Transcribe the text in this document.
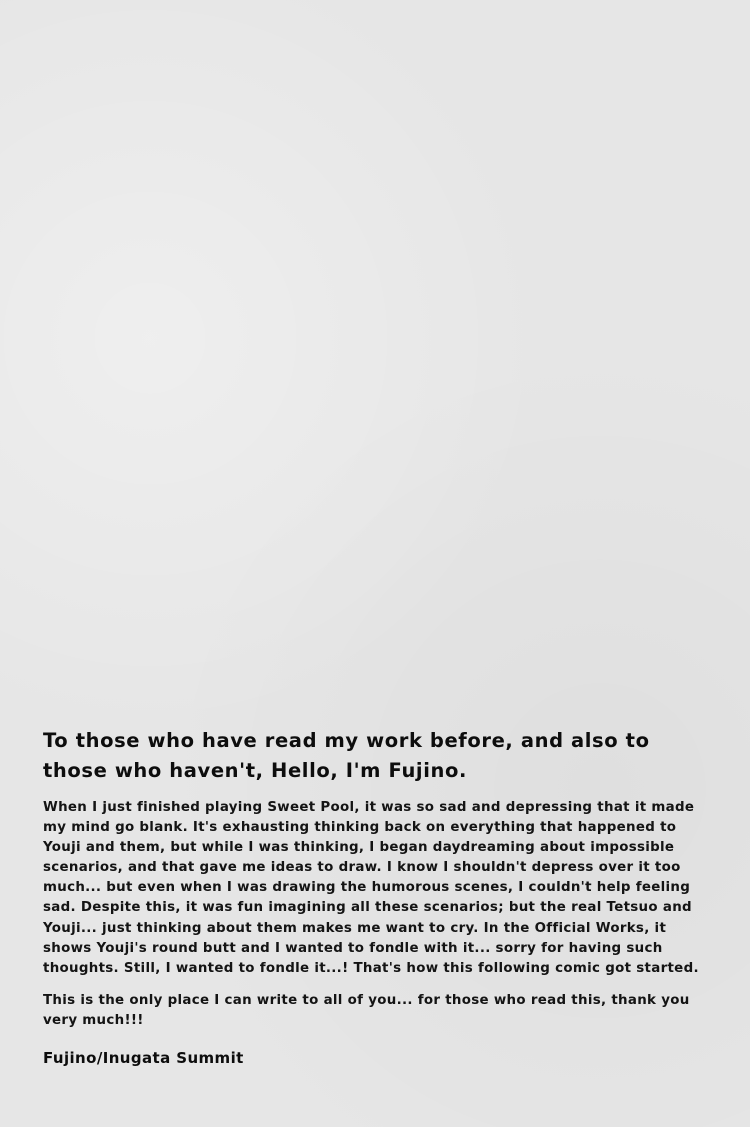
To those who have read my work before, and also to those who haven't, Hello, I'm Fujino.

When I just finished playing Sweet Pool, it was so sad and depressing that it made my mind go blank. It's exhausting thinking back on everything that happened to Youji and them, but while I was thinking, I began daydreaming about impossible scenarios, and that gave me ideas to draw. I know I shouldn't depress over it too much... but even when I was drawing the humorous scenes, I couldn't help feeling sad. Despite this, it was fun imagining all these scenarios; but the real Tetsuo and Youji... just thinking about them makes me want to cry. In the Official Works, it shows Youji's round butt and I wanted to fondle with it... sorry for having such thoughts. Still, I wanted to fondle it...! That's how this following comic got started.

This is the only place I can write to all of you... for those who read this, thank you very much!!!

Fujino/Inugata Summit
